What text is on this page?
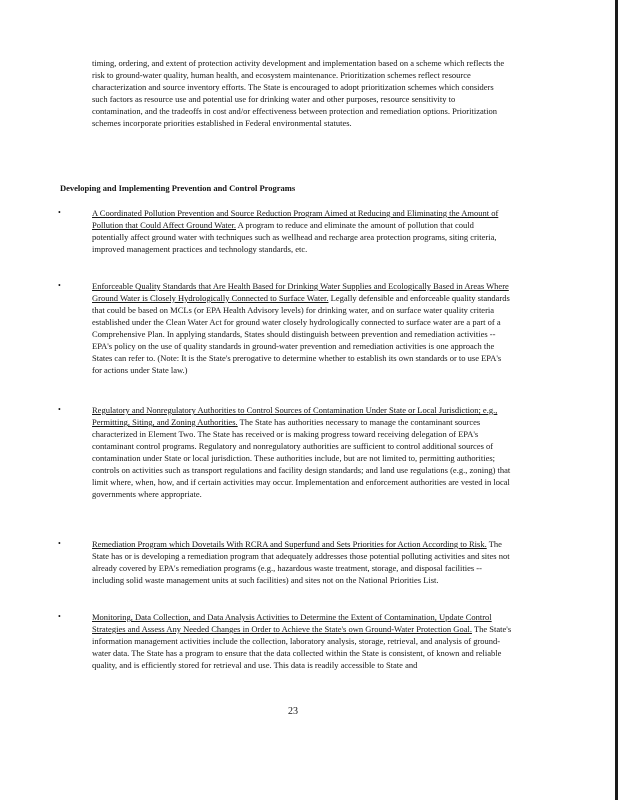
timing, ordering, and extent of protection activity development and implementation based on a scheme which reflects the risk to ground-water quality, human health, and ecosystem maintenance. Prioritization schemes reflect resource characterization and source inventory efforts. The State is encouraged to adopt prioritization schemes which considers such factors as resource use and potential use for drinking water and other purposes, resource sensitivity to contamination, and the tradeoffs in cost and/or effectiveness between protection and remediation options. Prioritization schemes incorporate priorities established in Federal environmental statutes.

Developing and Implementing Prevention and Control Programs

•	A Coordinated Pollution Prevention and Source Reduction Program Aimed at Reducing and Eliminating the Amount of Pollution that Could Affect Ground Water. A program to reduce and eliminate the amount of pollution that could potentially affect ground water with techniques such as wellhead and recharge area protection programs, siting criteria, improved management practices and technology standards, etc.

•	Enforceable Quality Standards that Are Health Based for Drinking Water Supplies and Ecologically Based in Areas Where Ground Water is Closely Hydrologically Connected to Surface Water. Legally defensible and enforceable quality standards that could be based on MCLs (or EPA Health Advisory levels) for drinking water, and on surface water quality criteria established under the Clean Water Act for ground water closely hydrologically connected to surface water are a part of a Comprehensive Plan. In applying standards, States should distinguish between prevention and remediation activities -- EPA's policy on the use of quality standards in ground-water prevention and remediation activities is one approach the States can refer to. (Note: It is the State's prerogative to determine whether to establish its own standards or to use EPA's for actions under State law.)

•	Regulatory and Nonregulatory Authorities to Control Sources of Contamination Under State or Local Jurisdiction; e.g., Permitting, Siting, and Zoning Authorities. The State has authorities necessary to manage the contaminant sources characterized in Element Two. The State has received or is making progress toward receiving delegation of EPA's contaminant control programs. Regulatory and nonregulatory authorities are sufficient to control additional sources of contamination under State or local jurisdiction. These authorities include, but are not limited to, permitting authorities; controls on activities such as transport regulations and facility design standards; and land use regulations (e.g., zoning) that limit where, when, how, and if certain activities may occur. Implementation and enforcement authorities are vested in local governments where appropriate.

•	Remediation Program which Dovetails With RCRA and Superfund and Sets Priorities for Action According to Risk. The State has or is developing a remediation program that adequately addresses those potential polluting activities and sites not already covered by EPA's remediation programs (e.g., hazardous waste treatment, storage, and disposal facilities -- including solid waste management units at such facilities) and sites not on the National Priorities List.

•	Monitoring, Data Collection, and Data Analysis Activities to Determine the Extent of Contamination, Update Control Strategies and Assess Any Needed Changes in Order to Achieve the State's own Ground-Water Protection Goal. The State's information management activities include the collection, laboratory analysis, storage, retrieval, and analysis of ground-water data. The State has a program to ensure that the data collected within the State is consistent, of known and reliable quality, and is efficiently stored for retrieval and use. This data is readily accessible to State and

23
